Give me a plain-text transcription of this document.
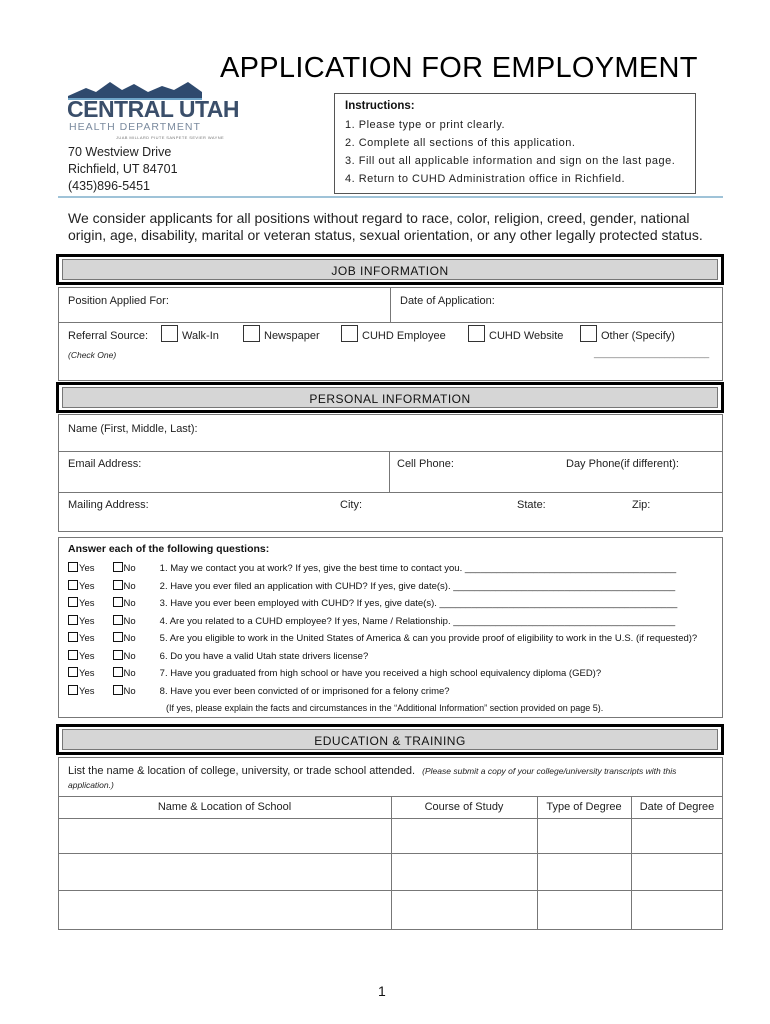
APPLICATION FOR EMPLOYMENT
CENTRAL UTAH
HEALTH DEPARTMENT
JUAB MILLARD PIUTE SANPETE SEVIER WAYNE
70 Westview Drive
Richfield, UT 84701
(435)896-5451
Instructions:
1. Please type or print clearly.
2. Complete all sections of this application.
3. Fill out all applicable information and sign on the last page.
4. Return to CUHD Administration office in Richfield.
We consider applicants for all positions without regard to race, color, religion, creed, gender, national origin, age, disability, marital or veteran status, sexual orientation, or any other legally protected status.
JOB INFORMATION
Position Applied For:	Date of Application:
Referral Source:
(Check One)
Walk-In	Newspaper	CUHD Employee	CUHD Website	Other (Specify)
_______________________
PERSONAL INFORMATION
Name (First, Middle, Last):
Email Address:	Cell Phone:	Day Phone(if different):
Mailing Address:	City:	State:	Zip:
Answer each of the following questions:
Yes	No	1. May we contact you at work? If yes, give the best time to contact you. ________________________________________
Yes	No	2. Have you ever filed an application with CUHD? If yes, give date(s). __________________________________________
Yes	No	3. Have you ever been employed with CUHD? If yes, give date(s). _____________________________________________
Yes	No	4. Are you related to a CUHD employee? If yes, Name / Relationship. __________________________________________
Yes	No	5. Are you eligible to work in the United States of America & can you provide proof of eligibility to work in the U.S. (if requested)?
Yes	No	6. Do you have a valid Utah state drivers license?
Yes	No	7. Have you graduated from high school or have you received a high school equivalency diploma (GED)?
Yes	No	8. Have you ever been convicted of or imprisoned for a felony crime?
(If yes, please explain the facts and circumstances in the “Additional Information” section provided on page 5).
EDUCATION & TRAINING
List the name & location of college, university, or trade school attended. (Please submit a copy of your college/university transcripts with this
application.)
Name & Location of School	Course of Study	Type of Degree	Date of Degree
1
